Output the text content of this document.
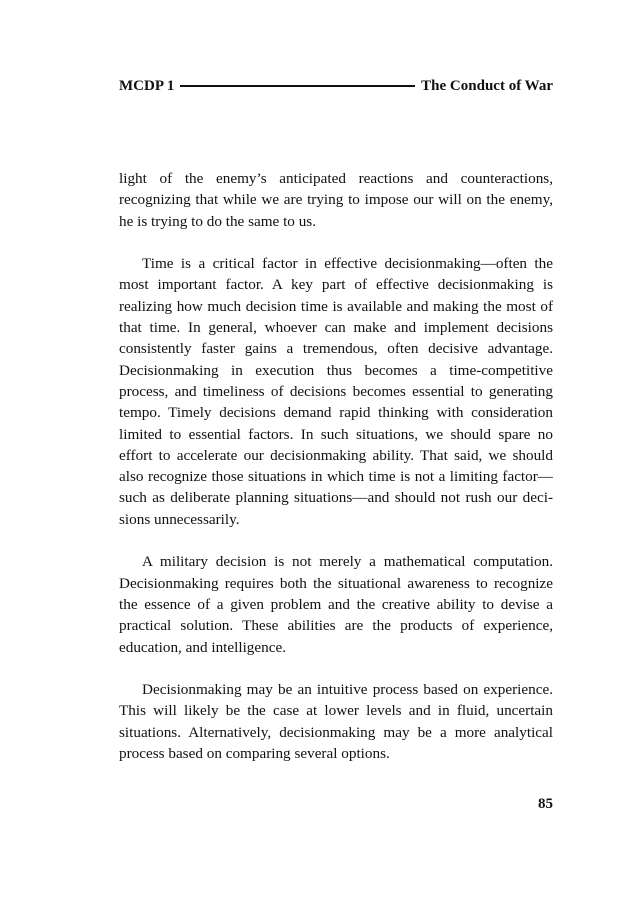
MCDP 1	The Conduct of War

light of the enemy’s anticipated reactions and counteractions, recognizing that while we are trying to impose our will on the enemy, he is trying to do the same to us.

Time is a critical factor in effective decisionmaking—often the most important factor. A key part of effective decisionmaking is realizing how much decision time is available and making the most of that time. In general, whoever can make and implement decisions consistently faster gains a tremendous, often decisive advantage. Decisionmaking in execution thus becomes a time-competitive process, and timeliness of decisions becomes essential to generating tempo. Timely decisions demand rapid thinking with consideration limited to essential factors. In such situations, we should spare no effort to accelerate our decisionmaking ability. That said, we should also recognize those situations in which time is not a limiting factor—such as deliberate planning situations—and should not rush our decisions unnecessarily.

A military decision is not merely a mathematical computation. Decisionmaking requires both the situational awareness to recognize the essence of a given problem and the creative ability to devise a practical solution. These abilities are the products of experience, education, and intelligence.

Decisionmaking may be an intuitive process based on experience. This will likely be the case at lower levels and in fluid, uncertain situations. Alternatively, decisionmaking may be a more analytical process based on comparing several options.

85
